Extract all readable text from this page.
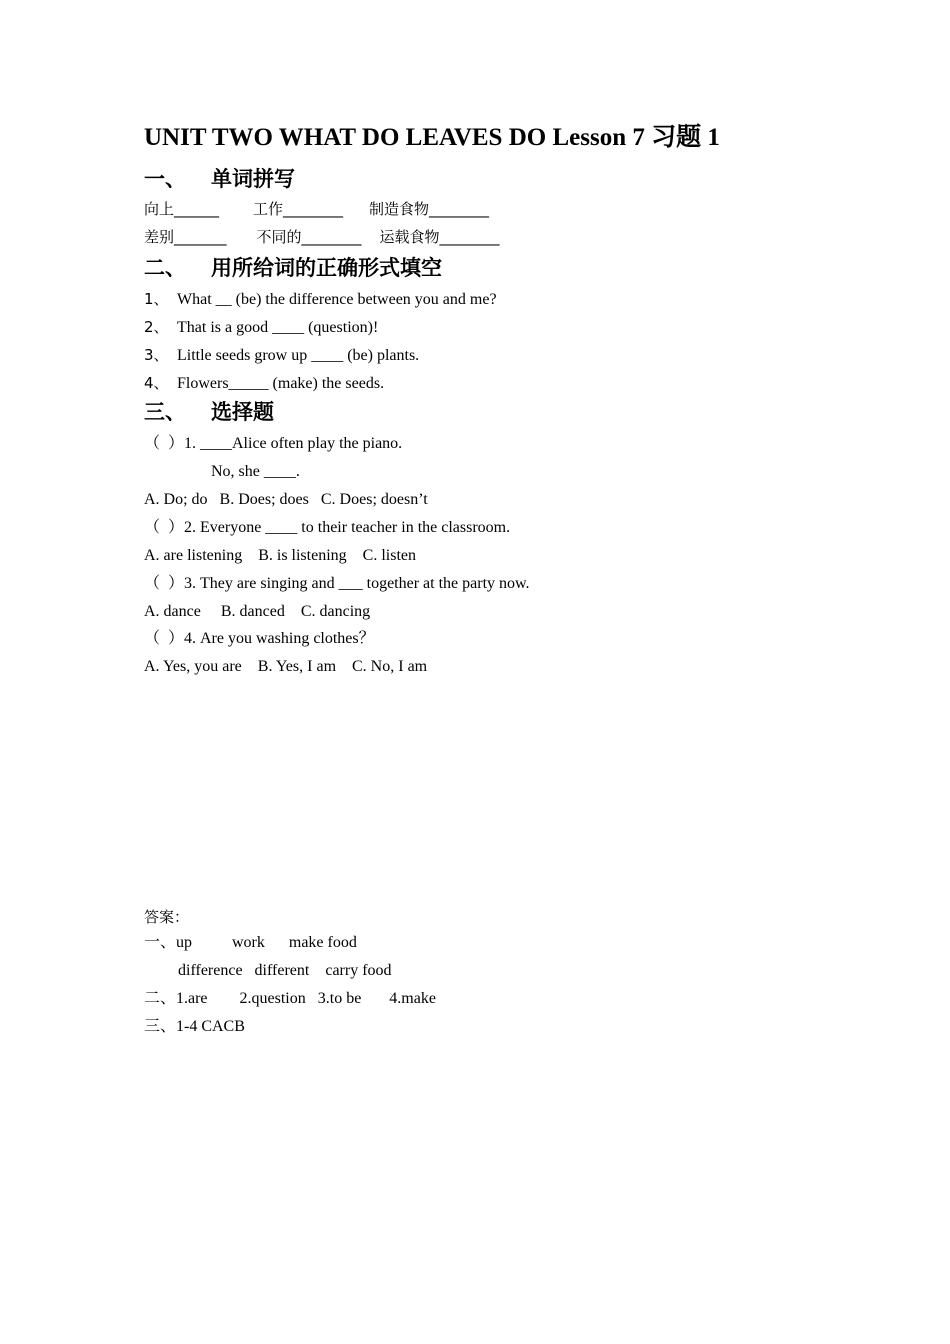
UNIT TWO WHAT DO LEAVES DO Lesson 7 习题 1
一、 单词拼写
向上______ 工作________ 制造食物________
差别_______ 不同的________ 运载食物________
二、 用所给词的正确形式填空
1、 What __ (be) the difference between you and me?
2、 That is a good ____ (question)!
3、 Little seeds grow up ____ (be) plants.
4、 Flowers_____ (make) the seeds.
三、 选择题
（  ）1. ____Alice often play the piano.
No, she ____.
A. Do; do   B. Does; does   C. Does; doesn’t
（  ）2. Everyone ____ to their teacher in the classroom.
A. are listening    B. is listening    C. listen
（  ）3. They are singing and ___ together at the party now.
A. dance     B. danced    C. dancing
（  ）4. Are you washing clothes？
A. Yes, you are    B. Yes, I am    C. No, I am
答案：
一、up          work      make food
difference   different    carry food
二、1.are        2.question   3.to be       4.make
三、1-4 CACB
